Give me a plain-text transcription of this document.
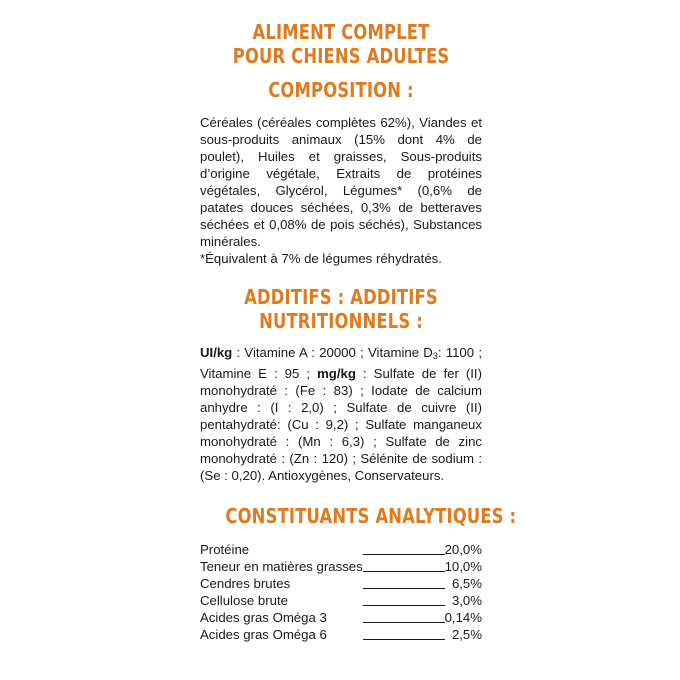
ALIMENT COMPLET
POUR CHIENS ADULTES
COMPOSITION :
Céréales (céréales complètes 62%), Viandes et sous-produits animaux (15% dont 4% de poulet), Huiles et graisses, Sous-produits d’origine végétale, Extraits de protéines végétales, Glycérol, Légumes* (0,6% de patates douces séchées, 0,3% de betteraves séchées et 0,08% de pois séchés), Substances minérales.
*Équivalent à 7% de légumes réhydratés.
ADDITIFS : ADDITIFS
NUTRITIONNELS :
UI/kg : Vitamine A : 20000 ; Vitamine $D_3$: 1100 ; Vitamine E : 95 ; mg/kg : Sulfate de fer (II) monohydraté : (Fe : 83) ; Iodate de calcium anhydre : (I : 2,0) ; Sulfate de cuivre (II) pentahydraté: (Cu : 9,2) ; Sulfate manganeux monohydraté : (Mn : 6,3) ; Sulfate de zinc monohydraté : (Zn : 120) ; Sélénite de sodium : (Se : 0,20). Antioxygènes, Conservateurs.
CONSTITUANTS ANALYTIQUES :
Protéine		20,0%
Teneur en matières grasses		10,0%
Cendres brutes		6,5%
Cellulose brute		3,0%
Acides gras Oméga 3		0,14%
Acides gras Oméga 6		2,5%
